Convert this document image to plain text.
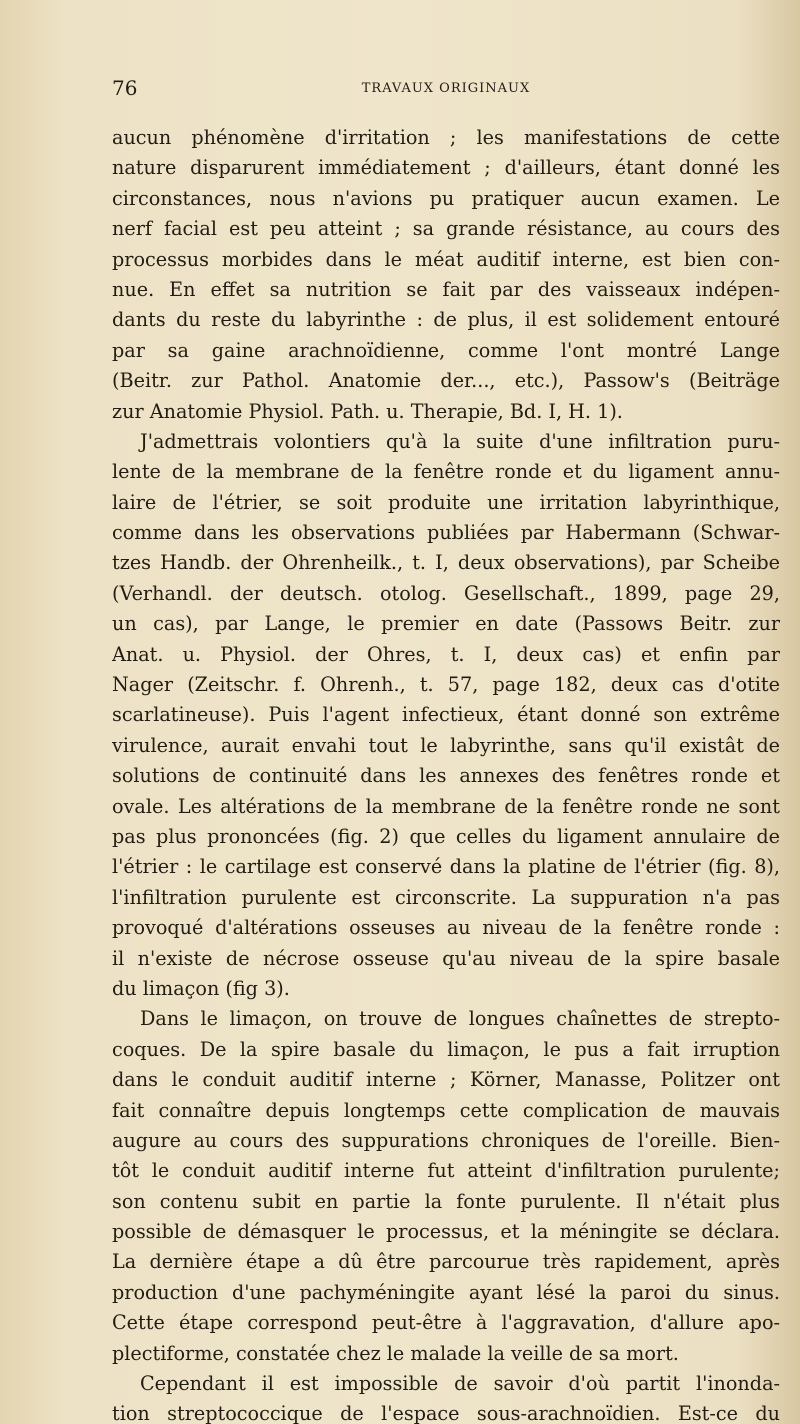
76	TRAVAUX ORIGINAUX
aucun phénomène d'irritation ; les manifestations de cette
nature disparurent immédiatement ; d'ailleurs, étant donné les
circonstances, nous n'avions pu pratiquer aucun examen. Le
nerf facial est peu atteint ; sa grande résistance, au cours des
processus morbides dans le méat auditif interne, est bien con-
nue. En effet sa nutrition se fait par des vaisseaux indépen-
dants du reste du labyrinthe : de plus, il est solidement entouré
par sa gaine arachnoïdienne, comme l'ont montré Lange
(Beitr. zur Pathol. Anatomie der..., etc.), Passow's (Beiträge
zur Anatomie Physiol. Path. u. Therapie, Bd. I, H. 1).
J'admettrais volontiers qu'à la suite d'une infiltration puru-
lente de la membrane de la fenêtre ronde et du ligament annu-
laire de l'étrier, se soit produite une irritation labyrinthique,
comme dans les observations publiées par Habermann (Schwar-
tzes Handb. der Ohrenheilk., t. I, deux observations), par Scheibe
(Verhandl. der deutsch. otolog. Gesellschaft., 1899, page 29,
un cas), par Lange, le premier en date (Passows Beitr. zur
Anat. u. Physiol. der Ohres, t. I, deux cas) et enfin par
Nager (Zeitschr. f. Ohrenh., t. 57, page 182, deux cas d'otite
scarlatineuse). Puis l'agent infectieux, étant donné son extrême
virulence, aurait envahi tout le labyrinthe, sans qu'il existât de
solutions de continuité dans les annexes des fenêtres ronde et
ovale. Les altérations de la membrane de la fenêtre ronde ne sont
pas plus prononcées (fig. 2) que celles du ligament annulaire de
l'étrier : le cartilage est conservé dans la platine de l'étrier (fig. 8),
l'infiltration purulente est circonscrite. La suppuration n'a pas
provoqué d'altérations osseuses au niveau de la fenêtre ronde :
il n'existe de nécrose osseuse qu'au niveau de la spire basale
du limaçon (fig 3).
Dans le limaçon, on trouve de longues chaînettes de strepto-
coques. De la spire basale du limaçon, le pus a fait irruption
dans le conduit auditif interne ; Körner, Manasse, Politzer ont
fait connaître depuis longtemps cette complication de mauvais
augure au cours des suppurations chroniques de l'oreille. Bien-
tôt le conduit auditif interne fut atteint d'infiltration purulente;
son contenu subit en partie la fonte purulente. Il n'était plus
possible de démasquer le processus, et la méningite se déclara.
La dernière étape a dû être parcourue très rapidement, après
production d'une pachyméningite ayant lésé la paroi du sinus.
Cette étape correspond peut-être à l'aggravation, d'allure apo-
plectiforme, constatée chez le malade la veille de sa mort.
Cependant il est impossible de savoir d'où partit l'inonda-
tion streptococcique de l'espace sous-arachnoïdien. Est-ce du
